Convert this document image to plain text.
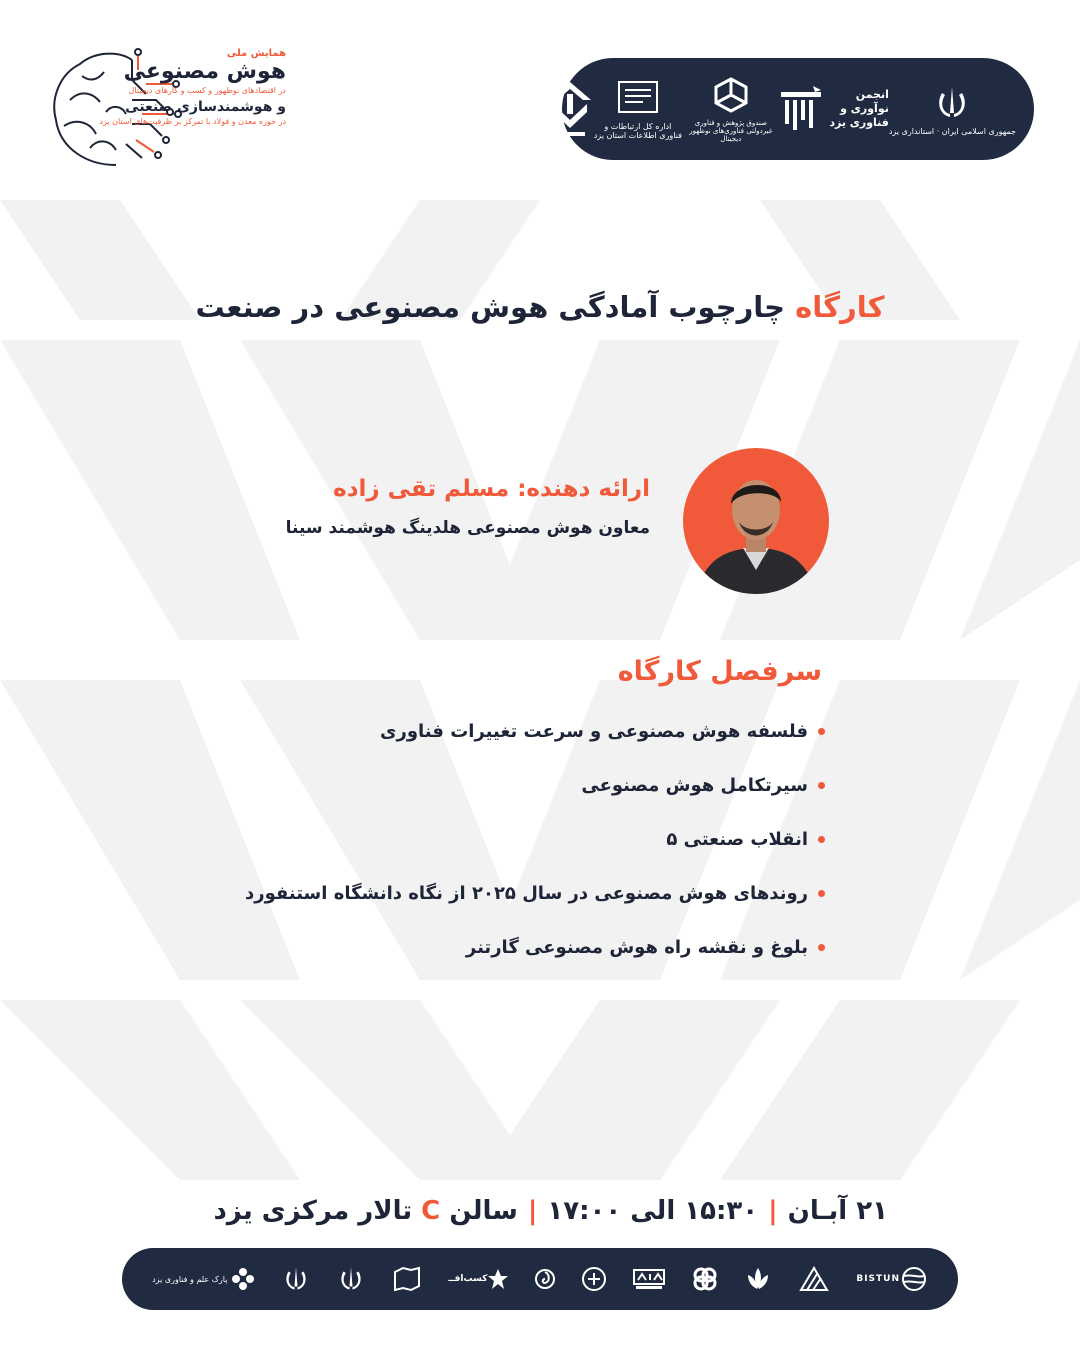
همایش ملی
هوش مصنوعی
در اقتصادهای نوظهور و کسب و کارهای دیجیتال
و هوشمندسازی صنعتی
در حوزه معدن و فولاد با تمرکز بر ظرفیت‌های استان یزد
جمهوری اسلامی ایران · استانداری یزد
انجمن نوآوری و فناوری یزد
صندوق پژوهش و فناوری غیردولتی فناوری‌های نوظهور دیجیتال
اداره کل ارتباطات و فناوری اطلاعات استان یزد
کارگاه چارچوب آمادگی هوش مصنوعی در صنعت
ارائه دهنده: مسلم تقی زاده
معاون هوش مصنوعی هلدینگ هوشمند سینا
سرفصل کارگاه
فلسفه هوش مصنوعی و سرعت تغییرات فناوری
سیرتکامل هوش مصنوعی
انقلاب صنعتی ۵
روندهای هوش مصنوعی در سال ۲۰۲۵ از نگاه دانشگاه استنفورد
بلوغ و نقشه راه هوش مصنوعی گارتنر
۲۱ آبـان|۱۵:۳۰ الی ۱۷:۰۰|سالن C تالار مرکزی یزد
پارک علم و فناوری یزد	کسب‌افــ	BISTUN
